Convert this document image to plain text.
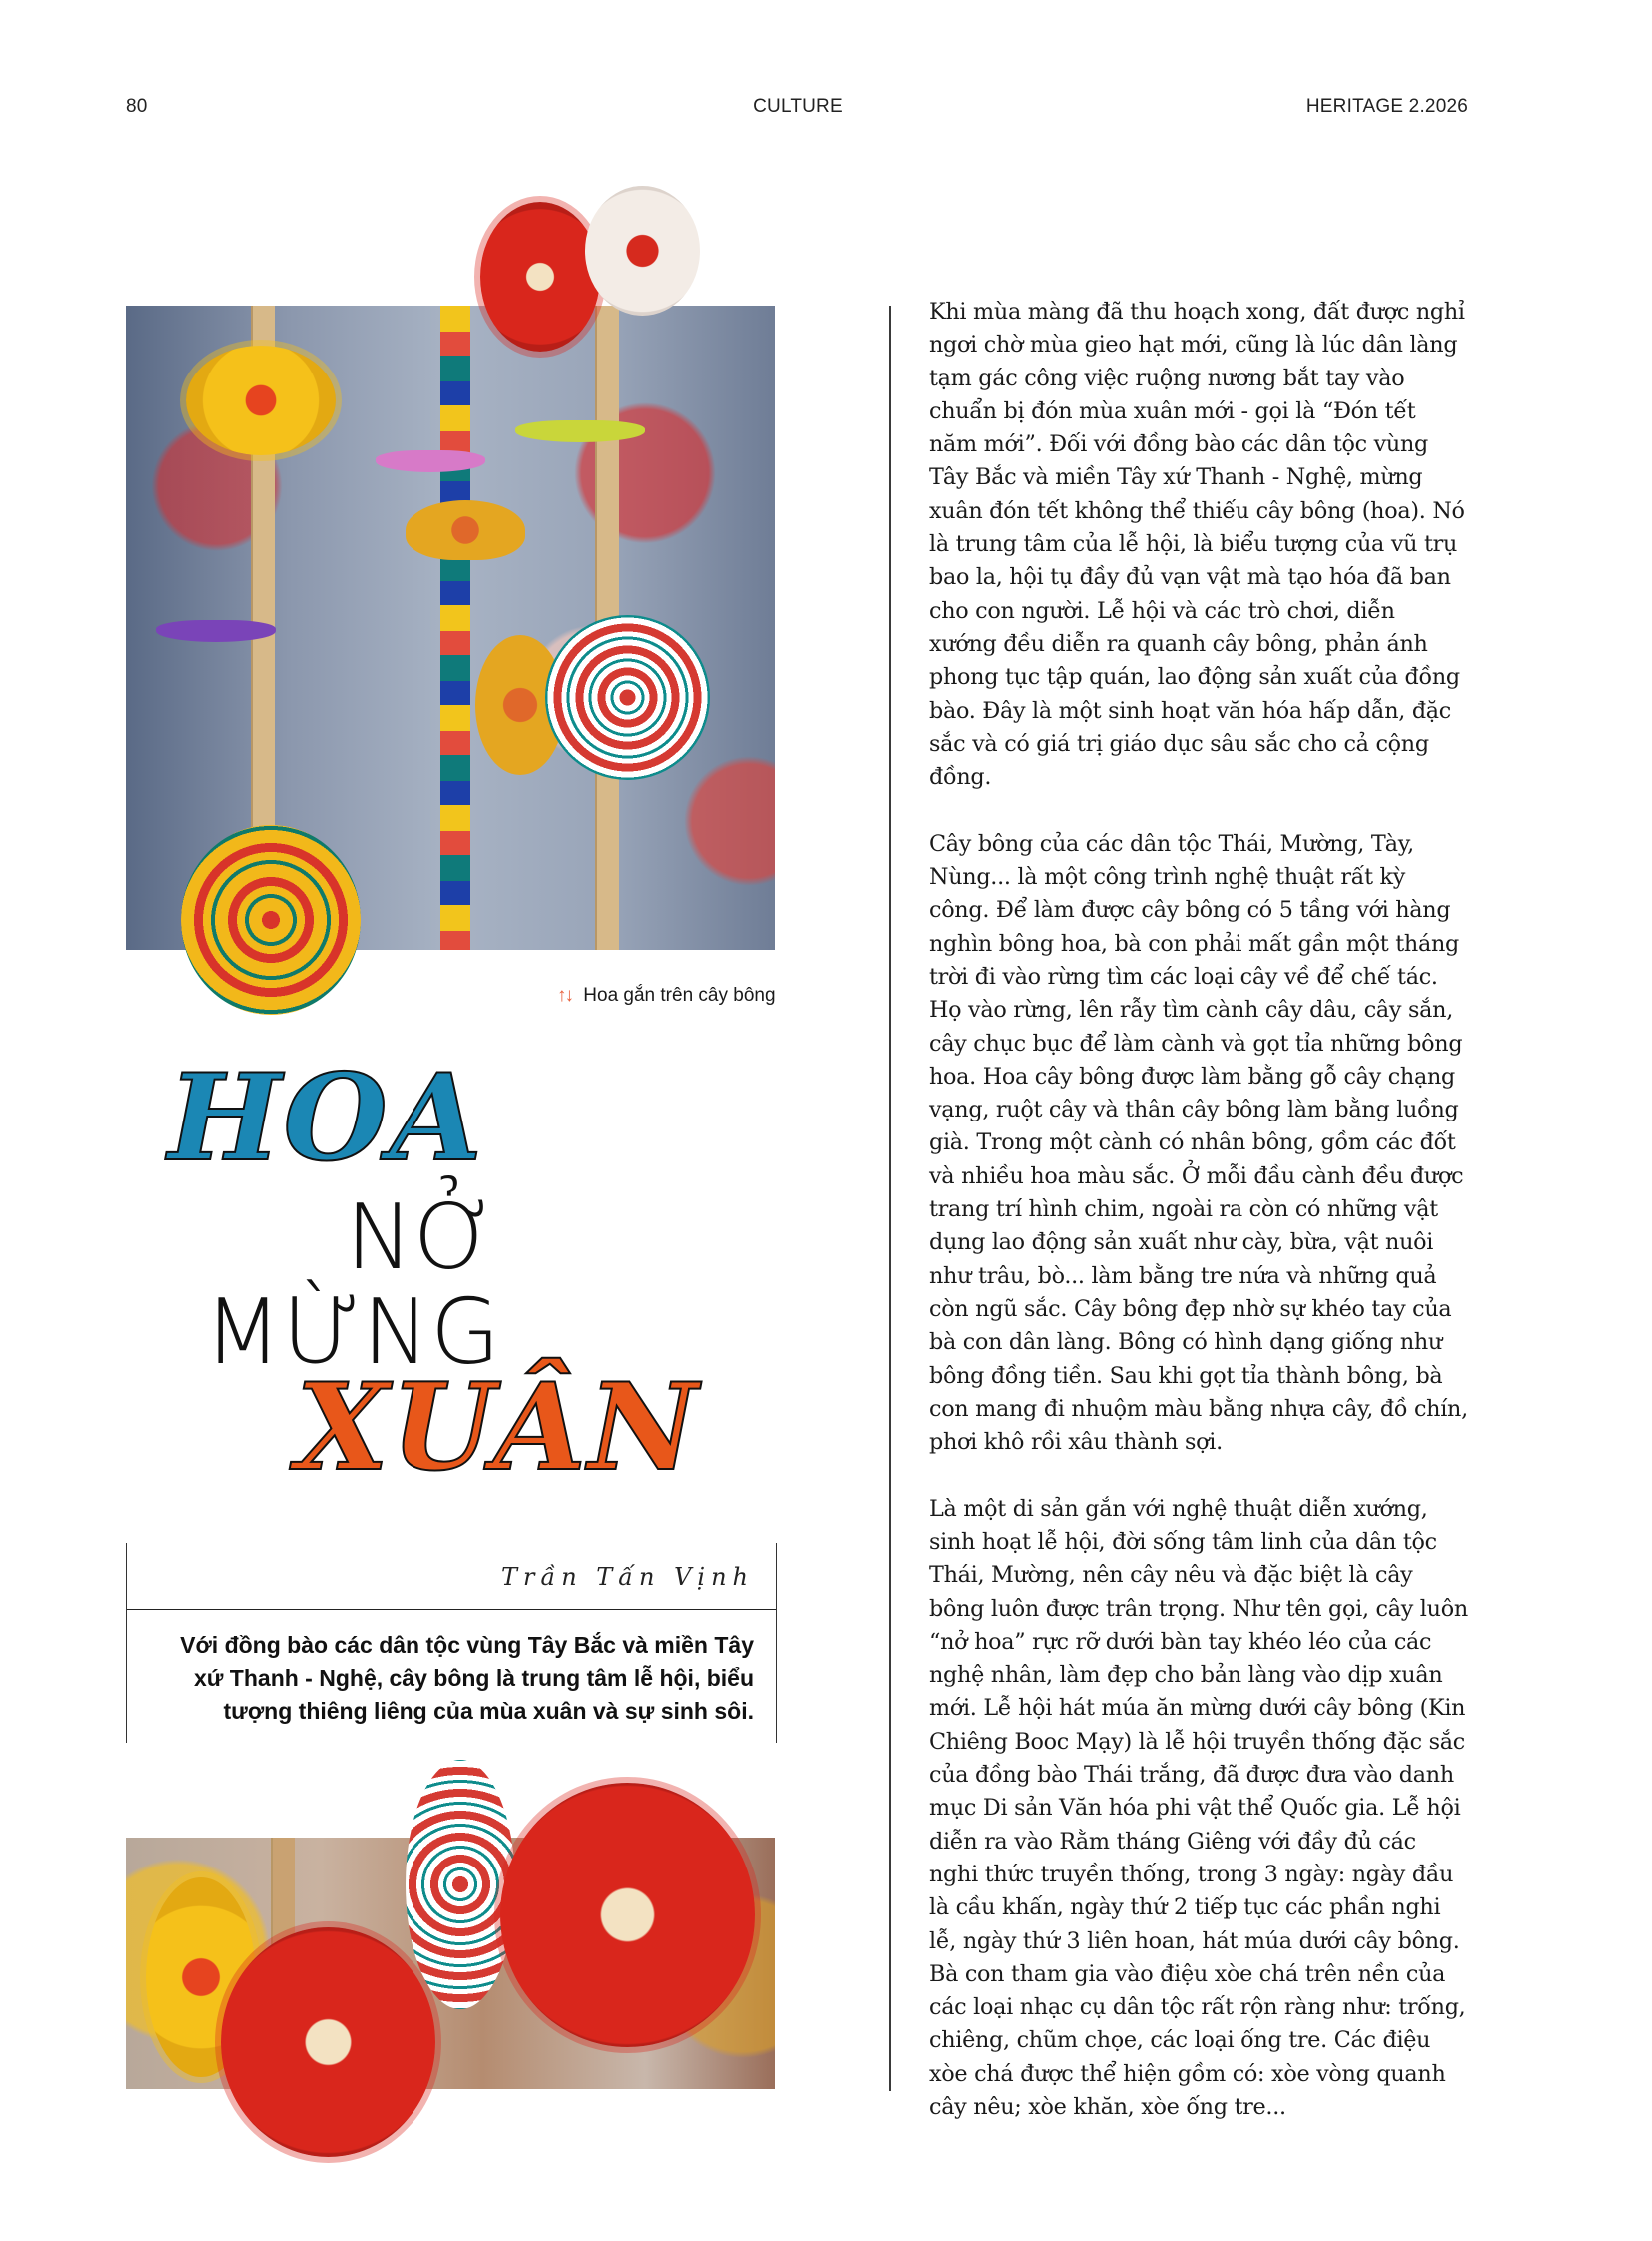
80	CULTURE	HERITAGE 2.2026
↑↓ Hoa gắn trên cây bông
HOA
NỞ
MỪNG
XUÂN
Trần Tấn Vịnh
Với đồng bào các dân tộc vùng Tây Bắc và miền Tây xứ Thanh - Nghệ, cây bông là trung tâm lễ hội, biểu tượng thiêng liêng của mùa xuân và sự sinh sôi.

Khi mùa màng đã thu hoạch xong, đất được nghỉ ngơi chờ mùa gieo hạt mới, cũng là lúc dân làng tạm gác công việc ruộng nương bắt tay vào chuẩn bị đón mùa xuân mới - gọi là “Đón tết năm mới”. Đối với đồng bào các dân tộc vùng Tây Bắc và miền Tây xứ Thanh - Nghệ, mừng xuân đón tết không thể thiếu cây bông (hoa). Nó là trung tâm của lễ hội, là biểu tượng của vũ trụ bao la, hội tụ đầy đủ vạn vật mà tạo hóa đã ban cho con người. Lễ hội và các trò chơi, diễn xướng đều diễn ra quanh cây bông, phản ánh phong tục tập quán, lao động sản xuất của đồng bào. Đây là một sinh hoạt văn hóa hấp dẫn, đặc sắc và có giá trị giáo dục sâu sắc cho cả cộng đồng.

Cây bông của các dân tộc Thái, Mường, Tày, Nùng... là một công trình nghệ thuật rất kỳ công. Để làm được cây bông có 5 tầng với hàng nghìn bông hoa, bà con phải mất gần một tháng trời đi vào rừng tìm các loại cây về để chế tác. Họ vào rừng, lên rẫy tìm cành cây dâu, cây sắn, cây chục bục để làm cành và gọt tỉa những bông hoa. Hoa cây bông được làm bằng gỗ cây chạng vạng, ruột cây và thân cây bông làm bằng luồng già. Trong một cành có nhân bông, gồm các đốt và nhiều hoa màu sắc. Ở mỗi đầu cành đều được trang trí hình chim, ngoài ra còn có những vật dụng lao động sản xuất như cày, bừa, vật nuôi như trâu, bò... làm bằng tre nứa và những quả còn ngũ sắc. Cây bông đẹp nhờ sự khéo tay của bà con dân làng. Bông có hình dạng giống như bông đồng tiền. Sau khi gọt tỉa thành bông, bà con mang đi nhuộm màu bằng nhựa cây, đồ chín, phơi khô rồi xâu thành sợi.

Là một di sản gắn với nghệ thuật diễn xướng, sinh hoạt lễ hội, đời sống tâm linh của dân tộc Thái, Mường, nên cây nêu và đặc biệt là cây bông luôn được trân trọng. Như tên gọi, cây luôn “nở hoa” rực rỡ dưới bàn tay khéo léo của các nghệ nhân, làm đẹp cho bản làng vào dịp xuân mới. Lễ hội hát múa ăn mừng dưới cây bông (Kin Chiêng Booc Mạy) là lễ hội truyền thống đặc sắc của đồng bào Thái trắng, đã được đưa vào danh mục Di sản Văn hóa phi vật thể Quốc gia. Lễ hội diễn ra vào Rằm tháng Giêng với đầy đủ các nghi thức truyền thống, trong 3 ngày: ngày đầu là cầu khấn, ngày thứ 2 tiếp tục các phần nghi lễ, ngày thứ 3 liên hoan, hát múa dưới cây bông. Bà con tham gia vào điệu xòe chá trên nền của các loại nhạc cụ dân tộc rất rộn ràng như: trống, chiêng, chũm chọe, các loại ống tre. Các điệu xòe chá được thể hiện gồm có: xòe vòng quanh cây nêu; xòe khăn, xòe ống tre...
